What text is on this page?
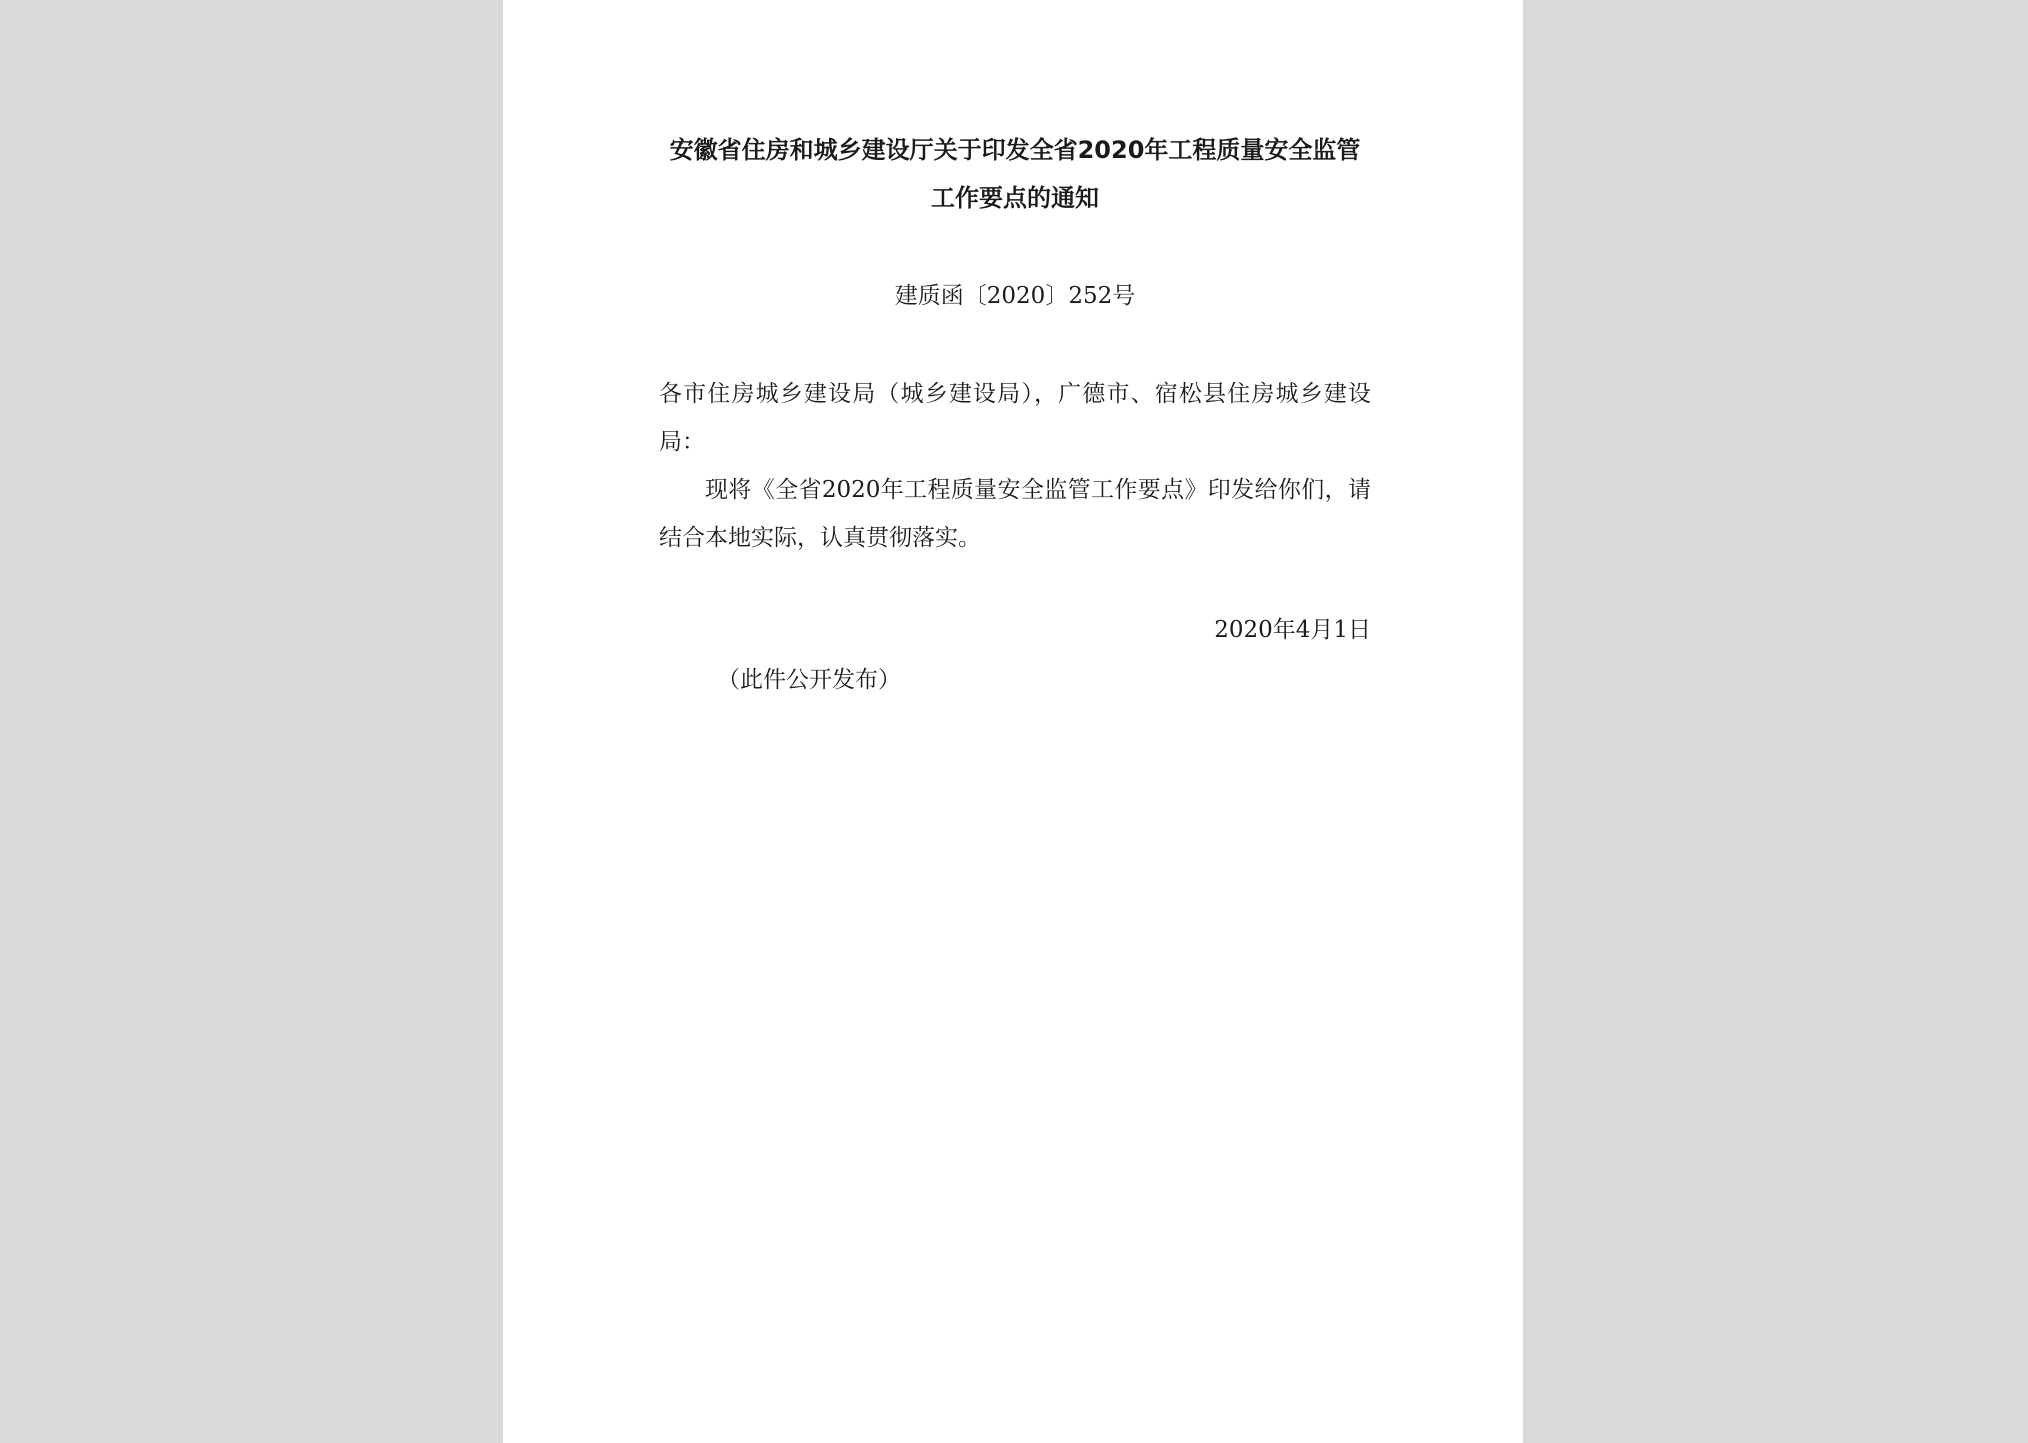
安徽省住房和城乡建设厅关于印发全省2020年工程质量安全监管工作要点的通知
建质函〔2020〕252号

各市住房城乡建设局（城乡建设局），广德市、宿松县住房城乡建设局：

现将《全省2020年工程质量安全监管工作要点》印发给你们，请结合本地实际，认真贯彻落实。

2020年4月1日
（此件公开发布）
